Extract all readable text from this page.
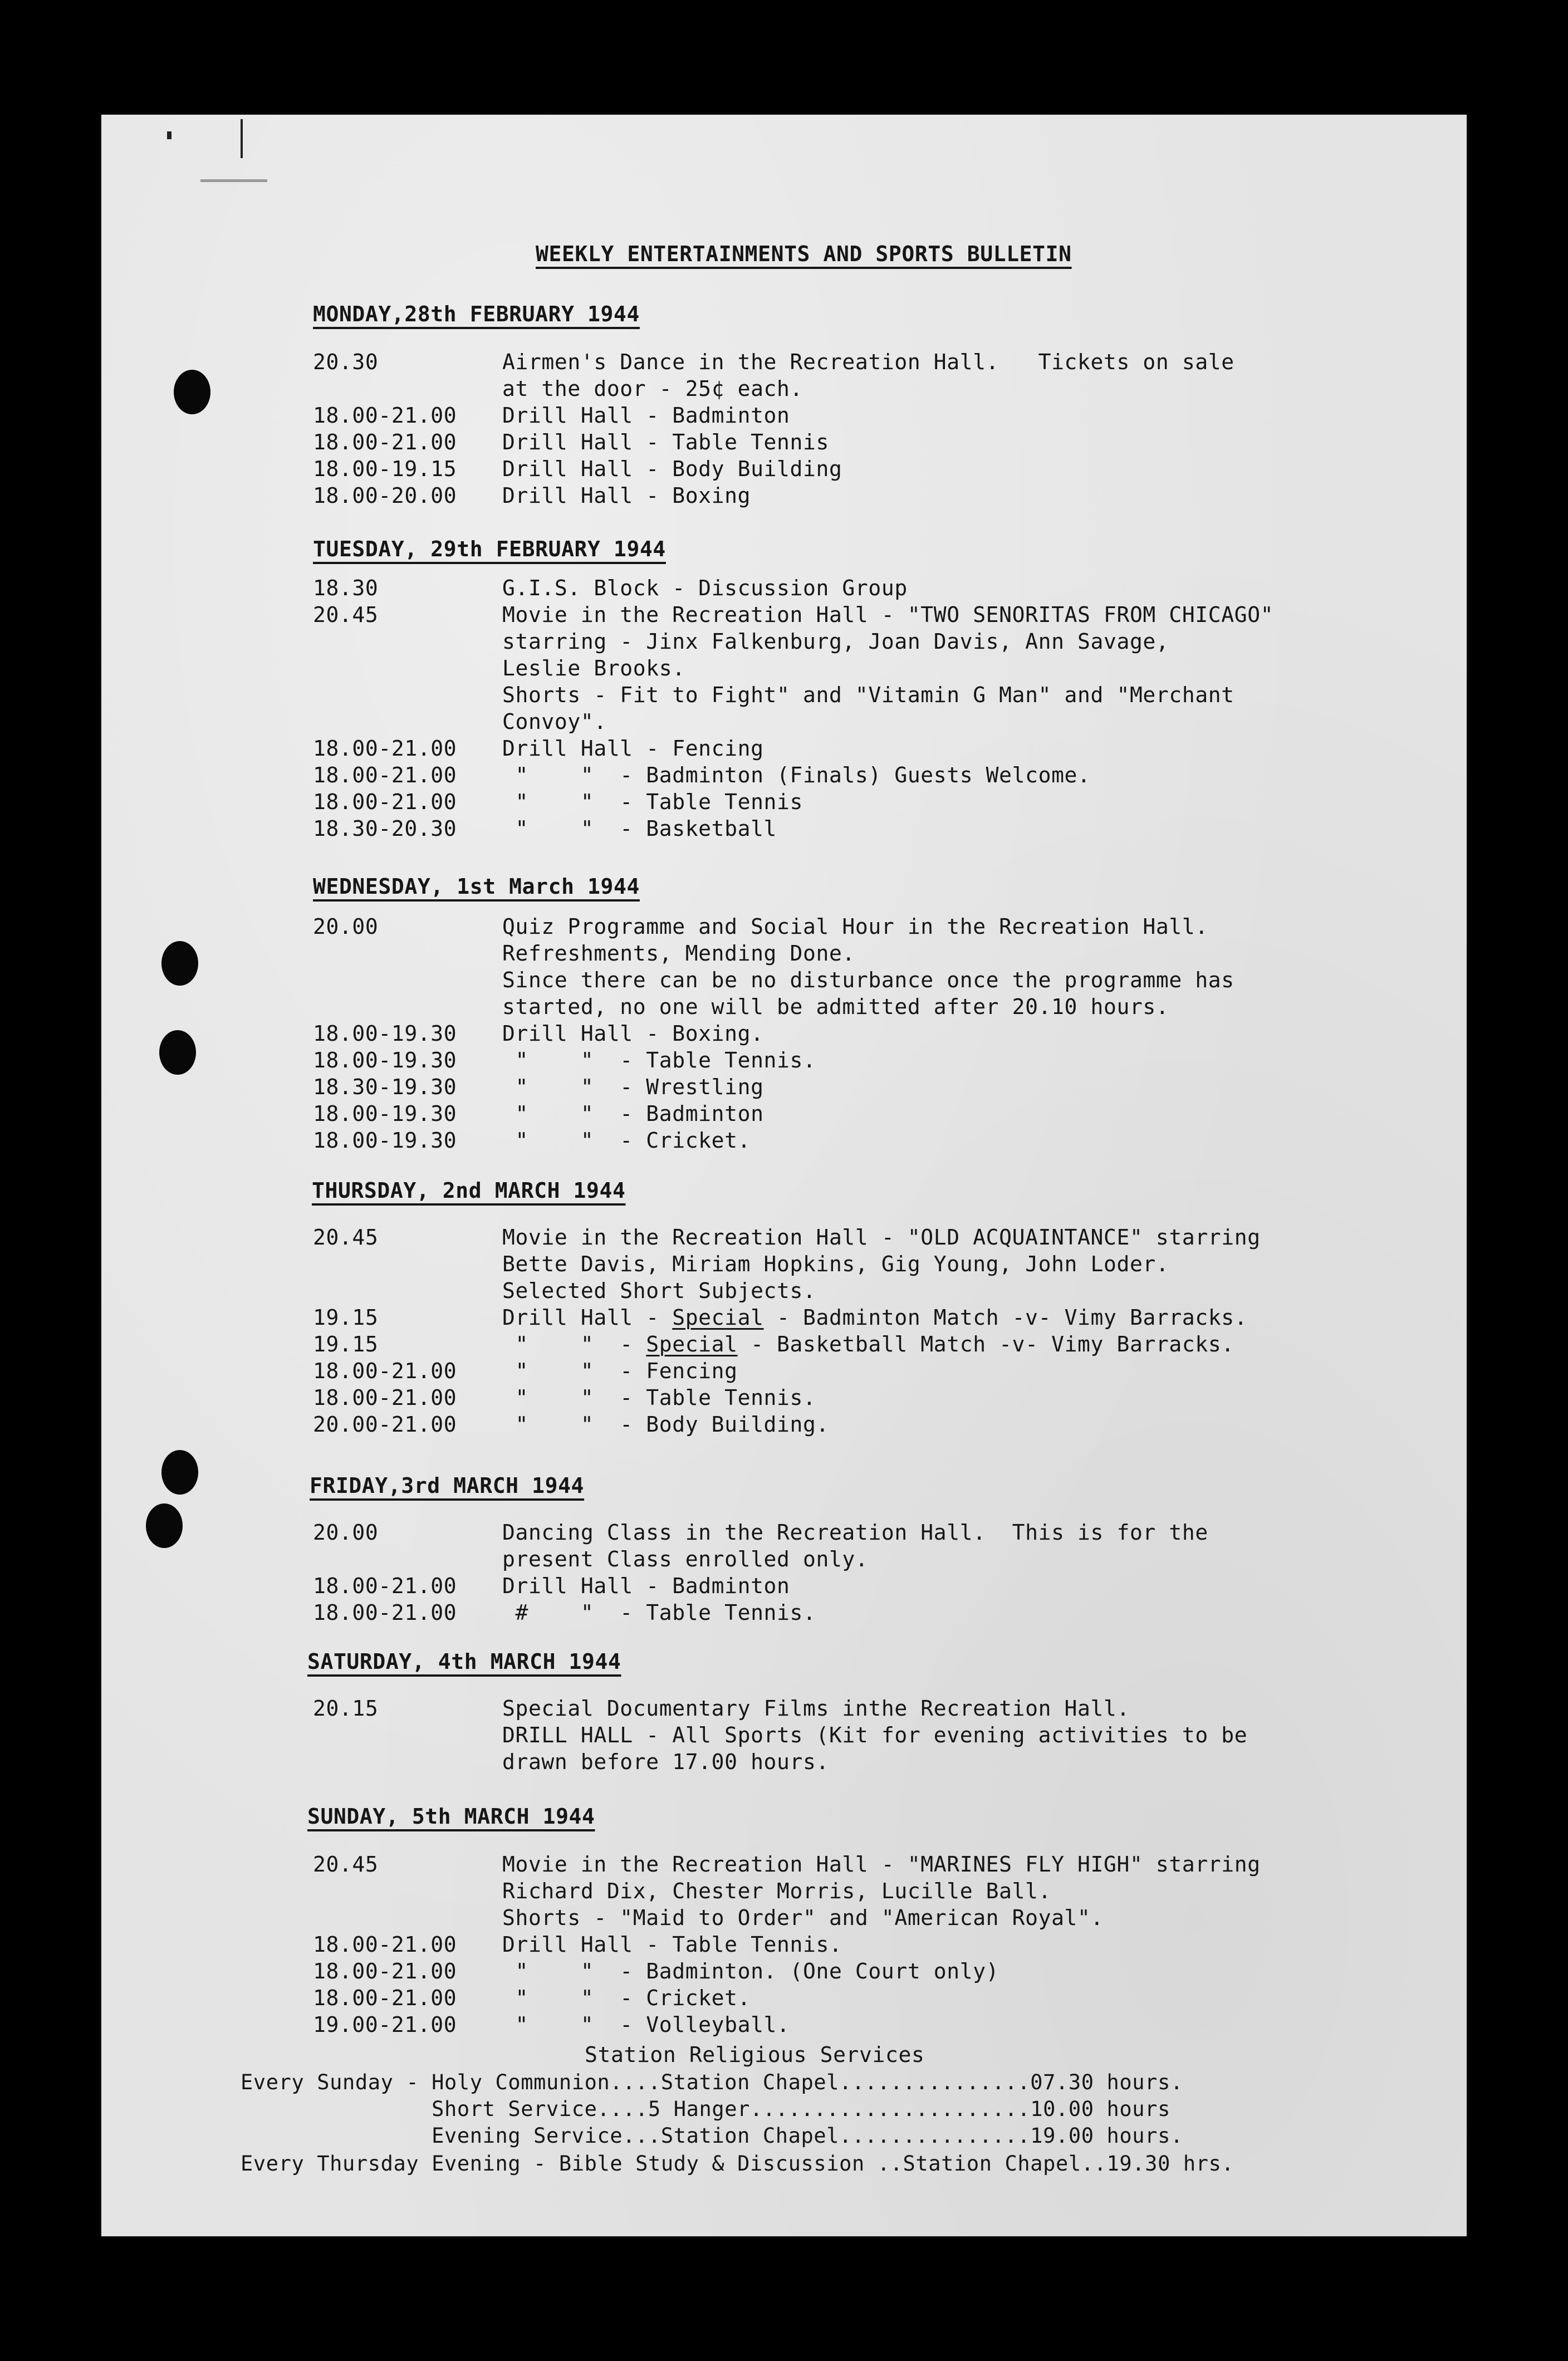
WEEKLY ENTERTAINMENTS AND SPORTS BULLETIN
MONDAY,28th FEBRUARY 1944
20.30	Airmen's Dance in the Recreation Hall.   Tickets on sale
at the door - 25¢ each.
18.00-21.00 Drill Hall - Badminton
18.00-21.00 Drill Hall - Table Tennis
18.00-19.15 Drill Hall - Body Building
18.00-20.00 Drill Hall - Boxing
TUESDAY, 29th FEBRUARY 1944
18.30	G.I.S. Block - Discussion Group
20.45	Movie in the Recreation Hall - "TWO SENORITAS FROM CHICAGO"
starring - Jinx Falkenburg, Joan Davis, Ann Savage,
Leslie Brooks.
Shorts - Fit to Fight" and "Vitamin G Man" and "Merchant
Convoy".
18.00-21.00 Drill Hall - Fencing
18.00-21.00 "    "  - Badminton (Finals) Guests Welcome.
18.00-21.00 "    "  - Table Tennis
18.30-20.30 "    "  - Basketball
WEDNESDAY, 1st March 1944
20.00	Quiz Programme and Social Hour in the Recreation Hall.
Refreshments, Mending Done.
Since there can be no disturbance once the programme has
started, no one will be admitted after 20.10 hours.
18.00-19.30 Drill Hall - Boxing.
18.00-19.30 "    "  - Table Tennis.
18.30-19.30 "    "  - Wrestling
18.00-19.30 "    "  - Badminton
18.00-19.30 "    "  - Cricket.
THURSDAY, 2nd MARCH 1944
20.45	Movie in the Recreation Hall - "OLD ACQUAINTANCE" starring
Bette Davis, Miriam Hopkins, Gig Young, John Loder.
Selected Short Subjects.
19.15	Drill Hall - Special - Badminton Match -v- Vimy Barracks.
19.15	"    "  - Special - Basketball Match -v- Vimy Barracks.
18.00-21.00 "    "  - Fencing
18.00-21.00 "    "  - Table Tennis.
20.00-21.00 "    "  - Body Building.
FRIDAY,3rd MARCH 1944
20.00	Dancing Class in the Recreation Hall.  This is for the
present Class enrolled only.
18.00-21.00 Drill Hall - Badminton
18.00-21.00 #    "  - Table Tennis.
SATURDAY, 4th MARCH 1944
20.15	Special Documentary Films inthe Recreation Hall.
DRILL HALL - All Sports (Kit for evening activities to be
drawn before 17.00 hours.
SUNDAY, 5th MARCH 1944
20.45	Movie in the Recreation Hall - "MARINES FLY HIGH" starring
Richard Dix, Chester Morris, Lucille Ball.
Shorts - "Maid to Order" and "American Royal".
18.00-21.00 Drill Hall - Table Tennis.
18.00-21.00 "    "  - Badminton. (One Court only)
18.00-21.00 "    "  - Cricket.
19.00-21.00 "    "  - Volleyball.
Station Religious Services
Every Sunday - Holy Communion....Station Chapel...............07.30 hours.
Short Service....5 Hanger......................10.00 hours
Evening Service...Station Chapel...............19.00 hours.
Every Thursday Evening - Bible Study & Discussion ..Station Chapel..19.30 hrs.
